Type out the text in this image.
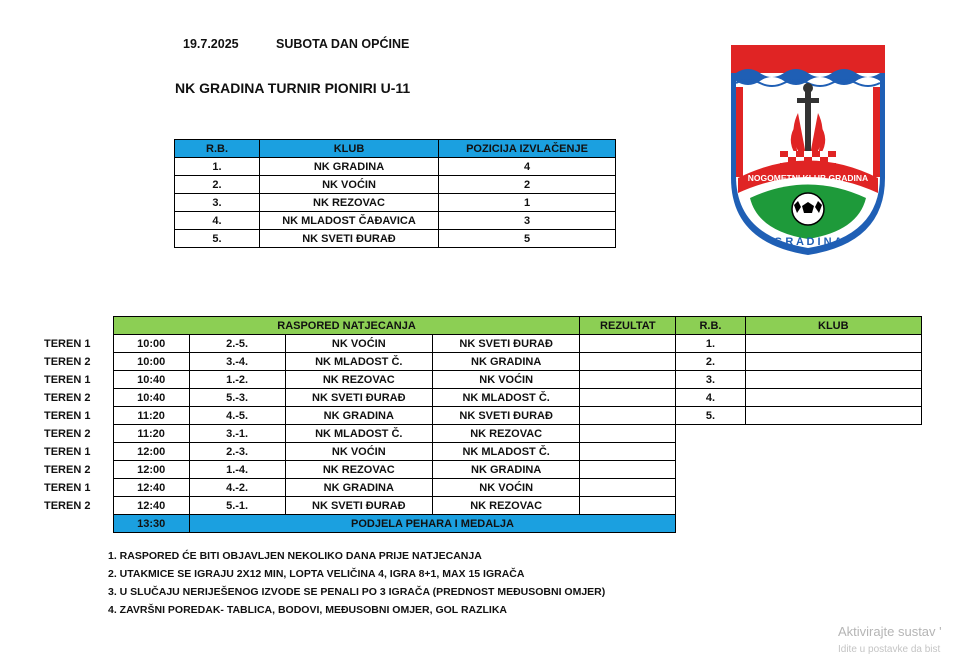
19.7.2025	SUBOTA DAN OPĆINE
NK GRADINA TURNIR PIONIRI U-11
NOGOMETNI KLUB GRADINA
G R A D I N A
R.B.	KLUB	POZICIJA IZVLAČENJE
1.	NK GRADINA	4
2.	NK VOĆIN	2
3.	NK REZOVAC	1
4.	NK MLADOST ČAĐAVICA	3
5.	NK SVETI ĐURAĐ	5
	RASPORED NATJECANJA				REZULTAT	R.B.	KLUB
TEREN 1	10:00	2.-5.	NK VOĆIN	NK SVETI ĐURAĐ		1.	
TEREN 2	10:00	3.-4.	NK MLADOST Č.	NK GRADINA		2.	
TEREN 1	10:40	1.-2.	NK REZOVAC	NK VOĆIN		3.	
TEREN 2	10:40	5.-3.	NK SVETI ĐURAĐ	NK MLADOST Č.		4.	
TEREN 1	11:20	4.-5.	NK GRADINA	NK SVETI ĐURAĐ		5.	
TEREN 2	11:20	3.-1.	NK MLADOST Č.	NK REZOVAC			
TEREN 1	12:00	2.-3.	NK VOĆIN	NK MLADOST Č.			
TEREN 2	12:00	1.-4.	NK REZOVAC	NK GRADINA			
TEREN 1	12:40	4.-2.	NK GRADINA	NK VOĆIN			
TEREN 2	12:40	5.-1.	NK SVETI ĐURAĐ	NK REZOVAC			
	13:30	PODJELA PEHARA I MEDALJA					
1. RASPORED ĆE BITI OBJAVLJEN NEKOLIKO DANA PRIJE NATJECANJA
2. UTAKMICE SE IGRAJU 2X12 MIN, LOPTA VELIČINA 4, IGRA 8+1, MAX 15 IGRAČA
3. U SLUČAJU NERIJEŠENOG IZVODE SE PENALI PO 3 IGRAČA (PREDNOST MEĐUSOBNI OMJER)
4. ZAVRŠNI POREDAK- TABLICA, BODOVI, MEĐUSOBNI OMJER, GOL RAZLIKA
Aktivirajte sustav '
Idite u postavke da bist
